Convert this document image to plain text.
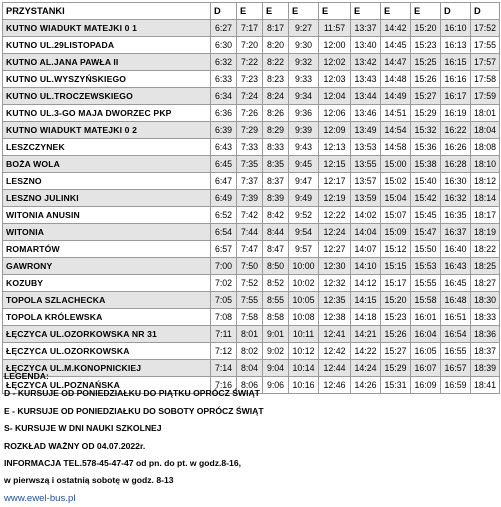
PRZYSTANKI	D	E	E	E	E	E	E	E	D	D
KUTNO WIADUKT MATEJKI 0 1	6:27	7:17	8:17	9:27	11:57	13:37	14:42	15:20	16:10	17:52
KUTNO UL.29LISTOPADA	6:30	7:20	8:20	9:30	12:00	13:40	14:45	15:23	16:13	17:55
KUTNO AL.JANA PAWŁA II	6:32	7:22	8:22	9:32	12:02	13:42	14:47	15:25	16:15	17:57
KUTNO UL.WYSZYŃSKIEGO	6:33	7:23	8:23	9:33	12:03	13:43	14:48	15:26	16:16	17:58
KUTNO UL.TROCZEWSKIEGO	6:34	7:24	8:24	9:34	12:04	13:44	14:49	15:27	16:17	17:59
KUTNO UL.3-GO MAJA DWORZEC PKP	6:36	7:26	8:26	9:36	12:06	13:46	14:51	15:29	16:19	18:01
KUTNO WIADUKT MATEJKI 0 2	6:39	7:29	8:29	9:39	12:09	13:49	14:54	15:32	16:22	18:04
LESZCZYNEK	6:43	7:33	8:33	9:43	12:13	13:53	14:58	15:36	16:26	18:08
BOŻA WOLA	6:45	7:35	8:35	9:45	12:15	13:55	15:00	15:38	16:28	18:10
LESZNO	6:47	7:37	8:37	9:47	12:17	13:57	15:02	15:40	16:30	18:12
LESZNO JULINKI	6:49	7:39	8:39	9:49	12:19	13:59	15:04	15:42	16:32	18:14
WITONIA ANUSIN	6:52	7:42	8:42	9:52	12:22	14:02	15:07	15:45	16:35	18:17
WITONIA	6:54	7:44	8:44	9:54	12:24	14:04	15:09	15:47	16:37	18:19
ROMARTÓW	6:57	7:47	8:47	9:57	12:27	14:07	15:12	15:50	16:40	18:22
GAWRONY	7:00	7:50	8:50	10:00	12:30	14:10	15:15	15:53	16:43	18:25
KOZUBY	7:02	7:52	8:52	10:02	12:32	14:12	15:17	15:55	16:45	18:27
TOPOLA SZLACHECKA	7:05	7:55	8:55	10:05	12:35	14:15	15:20	15:58	16:48	18:30
TOPOLA KRÓLEWSKA	7:08	7:58	8:58	10:08	12:38	14:18	15:23	16:01	16:51	18:33
ŁĘCZYCA UL.OZORKOWSKA NR 31	7:11	8:01	9:01	10:11	12:41	14:21	15:26	16:04	16:54	18:36
ŁĘCZYCA UL.OZORKOWSKA	7:12	8:02	9:02	10:12	12:42	14:22	15:27	16:05	16:55	18:37
ŁĘCZYCA UL.M.KONOPNICKIEJ	7:14	8:04	9:04	10:14	12:44	14:24	15:29	16:07	16:57	18:39
ŁĘCZYCA UL.POZNAŃSKA	7:16	8:06	9:06	10:16	12:46	14:26	15:31	16:09	16:59	18:41
LEGENDA:
D - KURSUJE OD PONIEDZIAŁKU DO PIĄTKU OPRÓCZ ŚWIĄT
E - KURSUJE OD PONIEDZIAŁKU DO SOBOTY OPRÓCZ ŚWIĄT
S- KURSUJE W DNI NAUKI SZKOLNEJ
ROZKŁAD WAŻNY OD 04.07.2022r.
INFORMACJA TEL.578-45-47-47 od pn. do pt. w godz.8-16,
w pierwszą i ostatnią sobotę w godz. 8-13
www.ewel-bus.pl
